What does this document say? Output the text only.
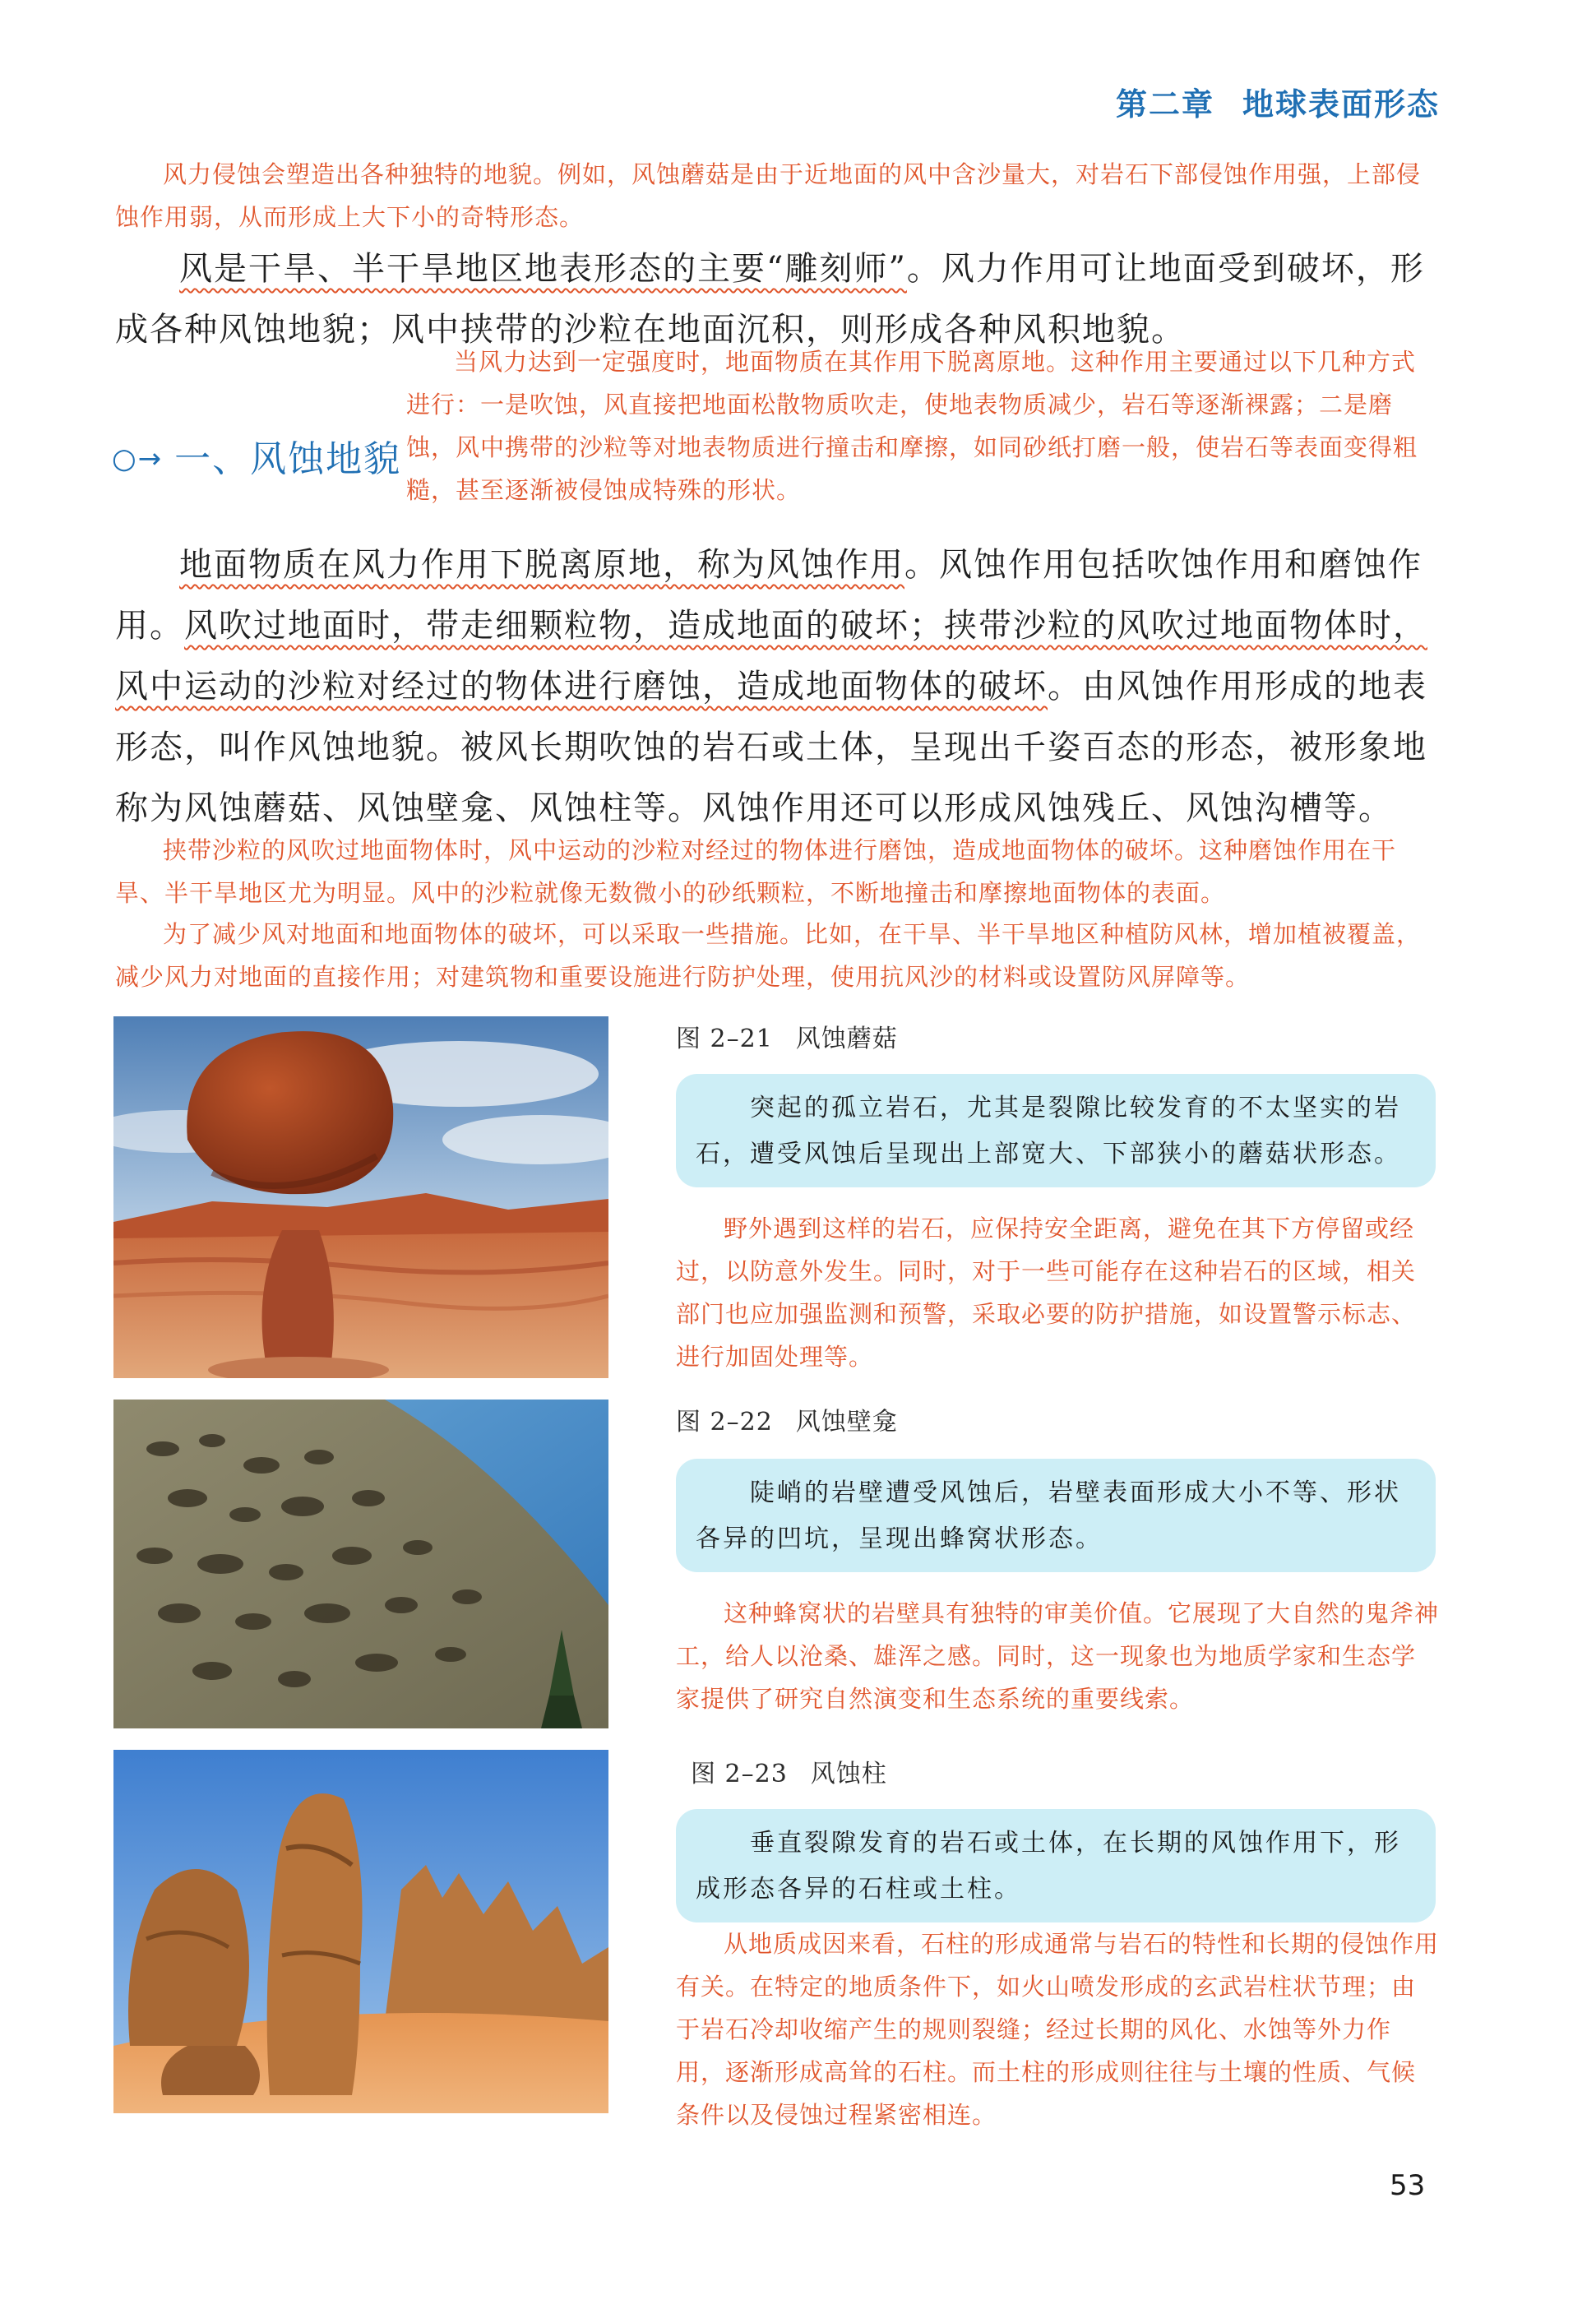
第二章 地球表面形态
风力侵蚀会塑造出各种独特的地貌。例如，风蚀蘑菇是由于近地面的风中含沙量大，对岩石下部侵蚀作用强，上部侵蚀作用弱，从而形成上大下小的奇特形态。
风是干旱、半干旱地区地表形态的主要“雕刻师”。风力作用可让地面受到破坏，形成各种风蚀地貌；风中挟带的沙粒在地面沉积，则形成各种风积地貌。
○→ 一、风蚀地貌
当风力达到一定强度时，地面物质在其作用下脱离原地。这种作用主要通过以下几种方式进行：一是吹蚀，风直接把地面松散物质吹走，使地表物质减少，岩石等逐渐裸露；二是磨蚀，风中携带的沙粒等对地表物质进行撞击和摩擦，如同砂纸打磨一般，使岩石等表面变得粗糙，甚至逐渐被侵蚀成特殊的形状。
地面物质在风力作用下脱离原地，称为风蚀作用。风蚀作用包括吹蚀作用和磨蚀作用。风吹过地面时，带走细颗粒物，造成地面的破坏；挟带沙粒的风吹过地面物体时，风中运动的沙粒对经过的物体进行磨蚀，造成地面物体的破坏。由风蚀作用形成的地表形态，叫作风蚀地貌。被风长期吹蚀的岩石或土体，呈现出千姿百态的形态，被形象地称为风蚀蘑菇、风蚀壁龛、风蚀柱等。风蚀作用还可以形成风蚀残丘、风蚀沟槽等。
挟带沙粒的风吹过地面物体时，风中运动的沙粒对经过的物体进行磨蚀，造成地面物体的破坏。这种磨蚀作用在干旱、半干旱地区尤为明显。风中的沙粒就像无数微小的砂纸颗粒，不断地撞击和摩擦地面物体的表面。
为了减少风对地面和地面物体的破坏，可以采取一些措施。比如，在干旱、半干旱地区种植防风林，增加植被覆盖，减少风力对地面的直接作用；对建筑物和重要设施进行防护处理，使用抗风沙的材料或设置防风屏障等。
图 2–21 风蚀蘑菇
突起的孤立岩石，尤其是裂隙比较发育的不太坚实的岩石，遭受风蚀后呈现出上部宽大、下部狭小的蘑菇状形态。
野外遇到这样的岩石，应保持安全距离，避免在其下方停留或经过，以防意外发生。同时，对于一些可能存在这种岩石的区域，相关部门也应加强监测和预警，采取必要的防护措施，如设置警示标志、进行加固处理等。
图 2–22 风蚀壁龛
陡峭的岩壁遭受风蚀后，岩壁表面形成大小不等、形状各异的凹坑，呈现出蜂窝状形态。
这种蜂窝状的岩壁具有独特的审美价值。它展现了大自然的鬼斧神工，给人以沧桑、雄浑之感。同时，这一现象也为地质学家和生态学家提供了研究自然演变和生态系统的重要线索。
图 2–23 风蚀柱
垂直裂隙发育的岩石或土体，在长期的风蚀作用下，形成形态各异的石柱或土柱。
从地质成因来看，石柱的形成通常与岩石的特性和长期的侵蚀作用有关。在特定的地质条件下，如火山喷发形成的玄武岩柱状节理；由于岩石冷却收缩产生的规则裂缝；经过长期的风化、水蚀等外力作用，逐渐形成高耸的石柱。而土柱的形成则往往与土壤的性质、气候条件以及侵蚀过程紧密相连。
53
